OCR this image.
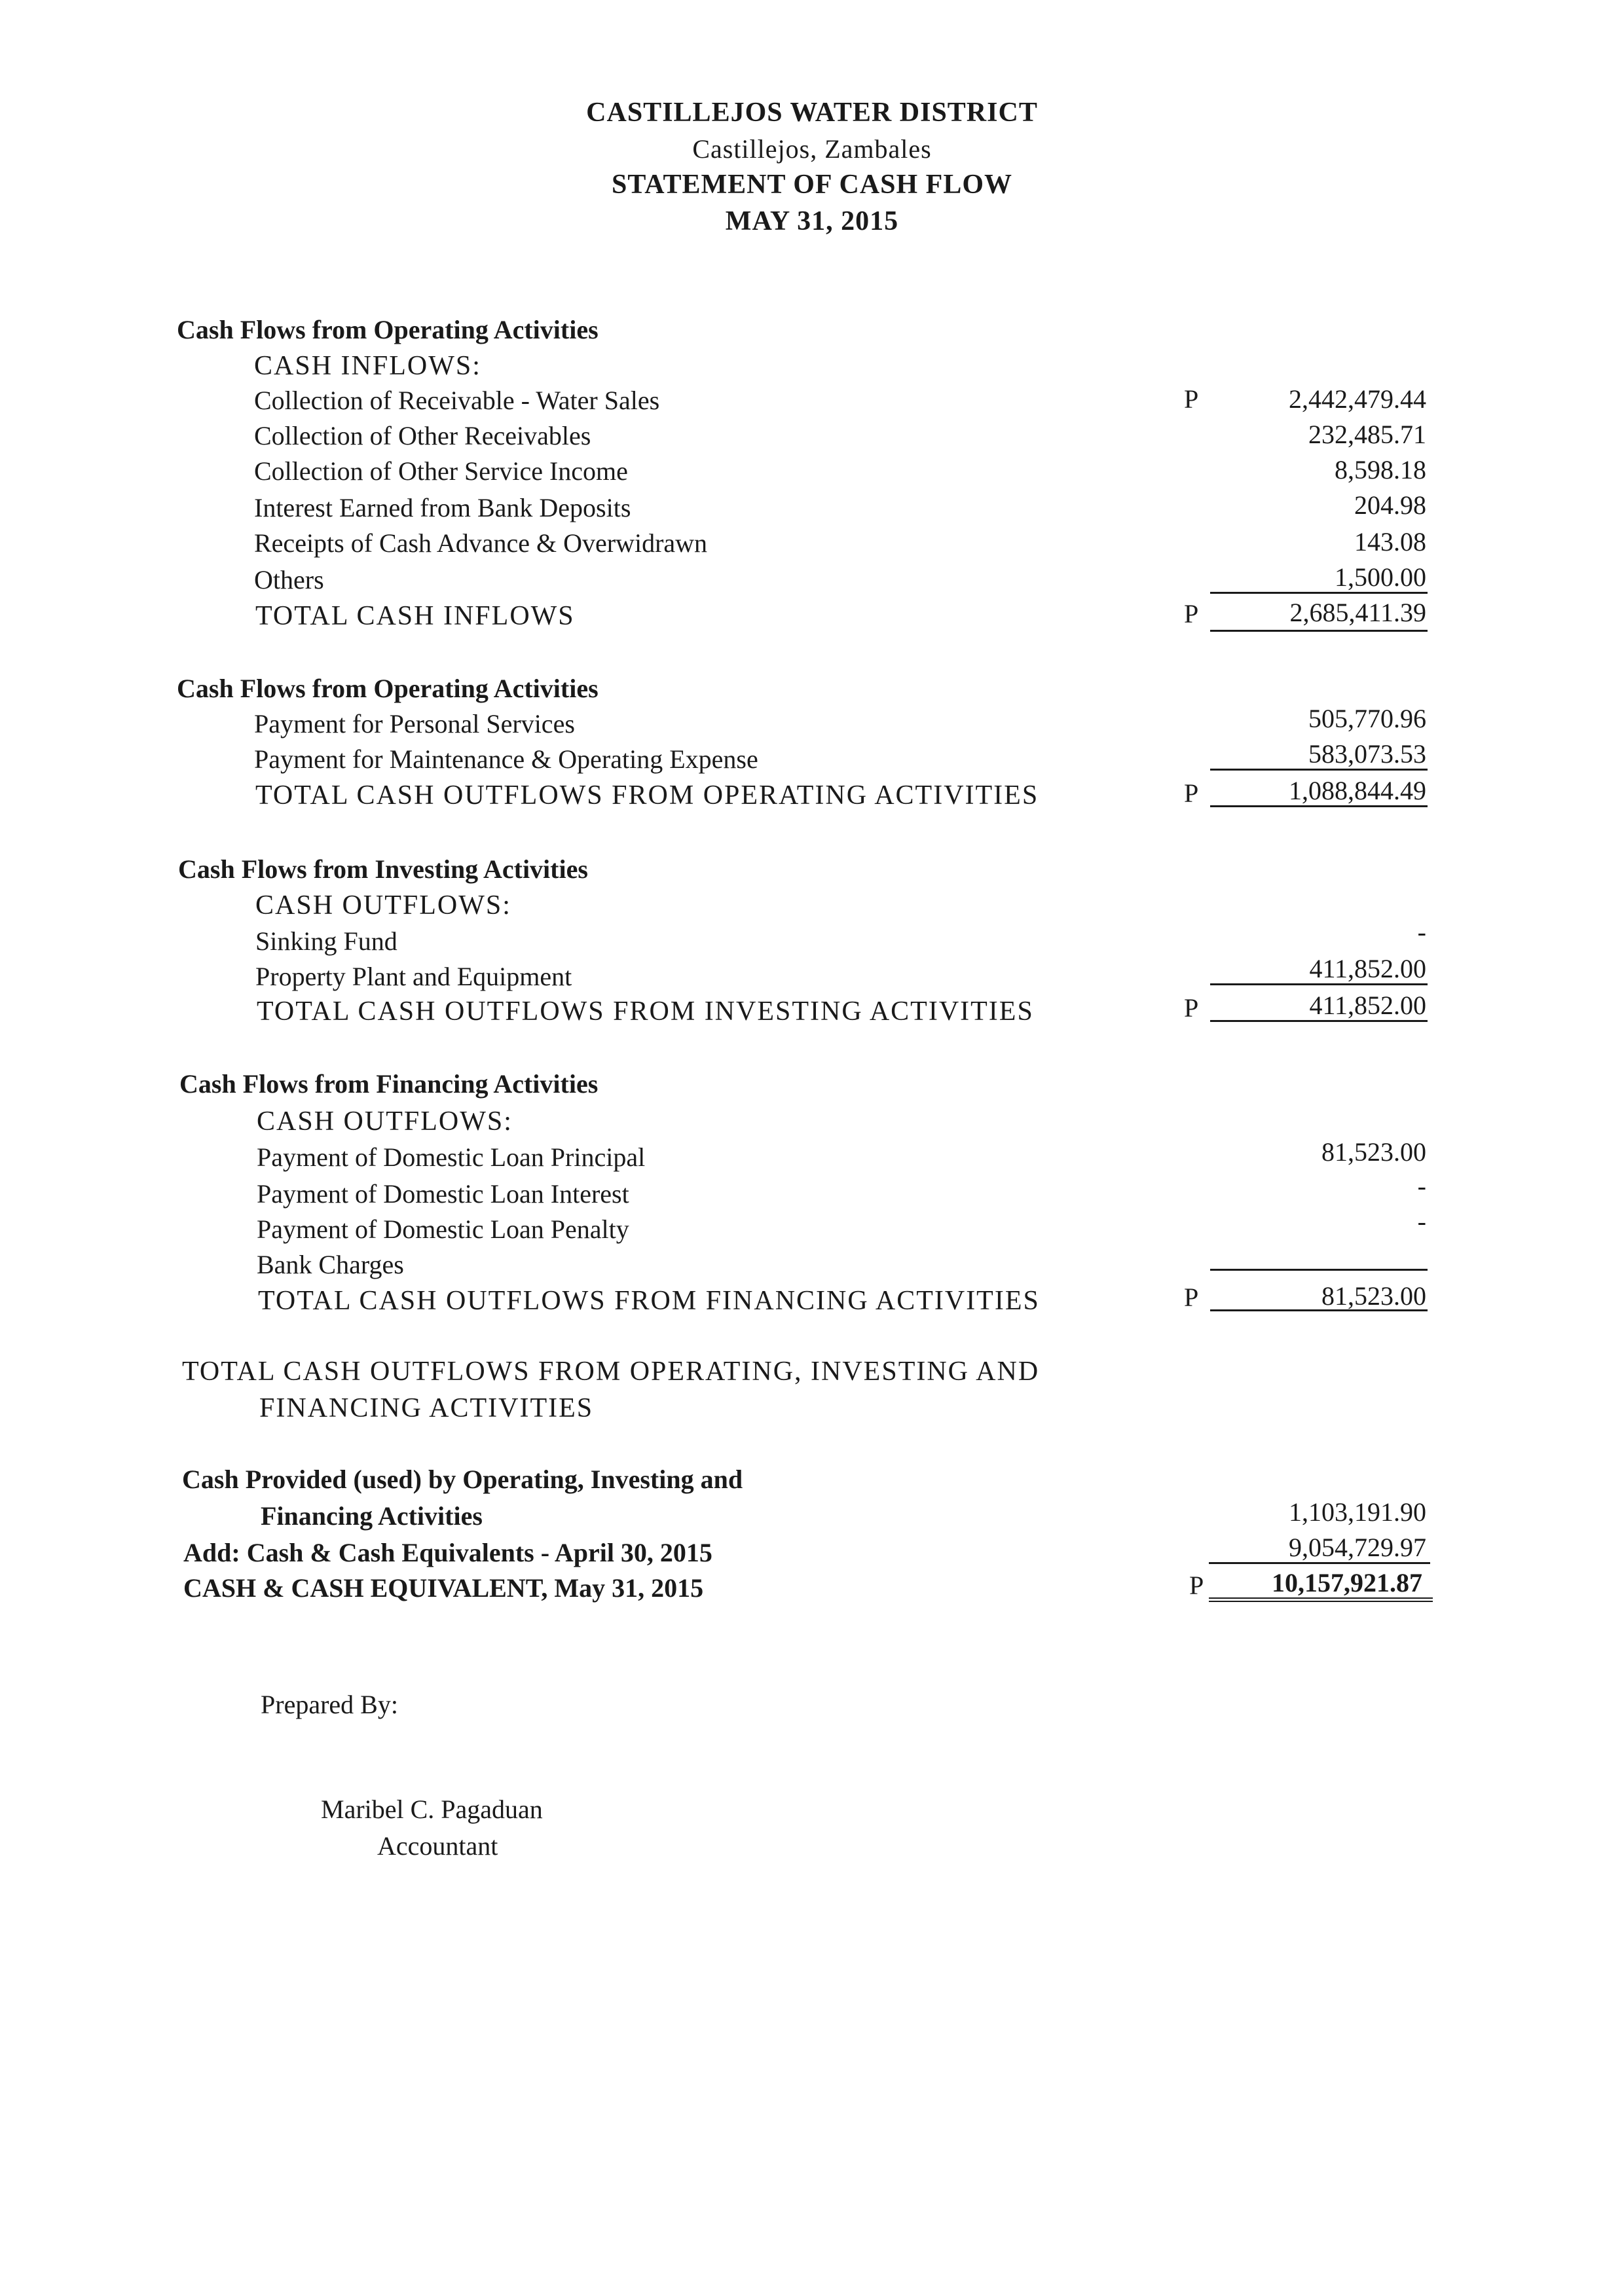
CASTILLEJOS WATER DISTRICT
Castillejos, Zambales
STATEMENT OF CASH FLOW
MAY 31, 2015
Cash Flows from Operating Activities
CASH INFLOWS:
Collection of Receivable - Water Sales	P	2,442,479.44
Collection of Other Receivables	232,485.71
Collection of Other Service Income	8,598.18
Interest Earned from Bank Deposits	204.98
Receipts of Cash Advance & Overwidrawn	143.08
Others	1,500.00
TOTAL CASH INFLOWS	P	2,685,411.39
Cash Flows from Operating Activities
Payment for Personal Services	505,770.96
Payment for Maintenance & Operating Expense	583,073.53
TOTAL CASH OUTFLOWS FROM OPERATING ACTIVITIES	P	1,088,844.49
Cash Flows from Investing Activities
CASH OUTFLOWS:
Sinking Fund	-
Property Plant and Equipment	411,852.00
TOTAL CASH OUTFLOWS FROM INVESTING ACTIVITIES	P	411,852.00
Cash Flows from Financing Activities
CASH OUTFLOWS:
Payment of Domestic Loan Principal	81,523.00
Payment of Domestic Loan Interest	-
Payment of Domestic Loan Penalty	-
Bank Charges
TOTAL CASH OUTFLOWS FROM FINANCING ACTIVITIES	P	81,523.00
TOTAL CASH OUTFLOWS FROM OPERATING, INVESTING AND
FINANCING ACTIVITIES
Cash Provided (used) by Operating, Investing and
Financing Activities	1,103,191.90
Add: Cash & Cash Equivalents - April 30, 2015	9,054,729.97
CASH & CASH EQUIVALENT, May 31, 2015	P	10,157,921.87
Prepared By:
Maribel C. Pagaduan
Accountant
